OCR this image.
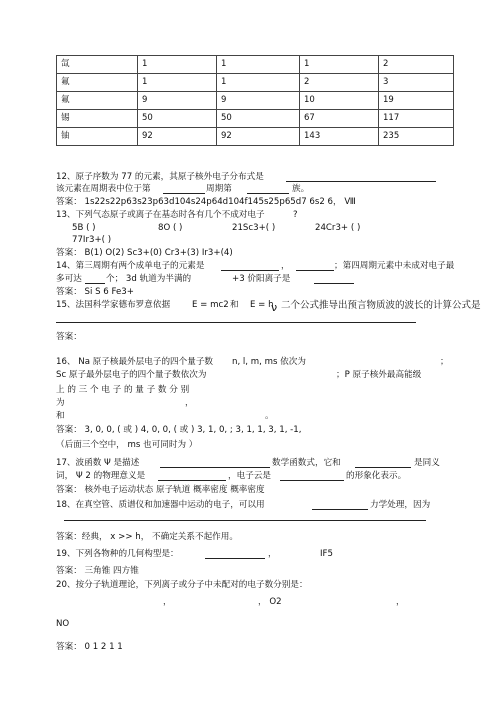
氙	1	1	1	2
氟	1	1	2	3
氟	9	9	10	19
锡	50	50	67	117
铀	92	92	143	235
12、原子序数为 77 的元素，其原子核外电子分布式是
该元素在周期表中位于第	周期第	族。
答案： 1s22s22p63s23p63d104s24p64d104f145s25p65d7 6s2 6， Ⅷ
13、下列气态原子或离子在基态时各有几个不成对电子	?
5B ( )	8O ( )	21Sc3+( )	24Cr3+ ( )
77Ir3+( )
答案： B(1) O(2) Sc3+(0) Cr3+(3) Ir3+(4)
14、第三周期有两个成单电子的元素是	，	；第四周期元素中未成对电子最
多可达	个； 3d 轨道为半满的	+3 价阳离子是
答案： Si S 6 Fe3+
15、法国科学家德布罗意依据	E = mc2 和 E = h
ν 二个公式推导出预言物质波的波长的计算公式是
答案：
16、 Na 原子核最外层电子的四个量子数 n, l, m, ms 依次为	；
Sc 原子最外层电子的四个量子数依次为	；P 原子核外最高能级
上 的 三 个 电 子 的 量 子 数 分 别
为	，
和	。
答案： 3, 0, 0, ( 或 ) 4, 0, 0, ( 或 ) 3, 1, 0, ; 3, 1, 1, 3, 1, -1,
（后面三个空中， ms 也可同时为 ）
17、波函数 Ψ 是描述	数学函数式，它和	是同义
词， Ψ 2 的物理意义是	，电子云是	的形象化表示。
答案： 核外电子运动状态 原子轨道 概率密度 概率密度
18、在真空管、质谱仪和加速器中运动的电子，可以用	力学处理，因为
答案：经典， x >> h， 不确定关系不起作用。
19、下列各物种的几何构型是：	，	IF5
答案： 三角锥 四方锥
20、按分子轨道理论，下列离子或分子中未配对的电子数分别是：
，	， O2	，
NO
答案： 0 1 2 1 1
